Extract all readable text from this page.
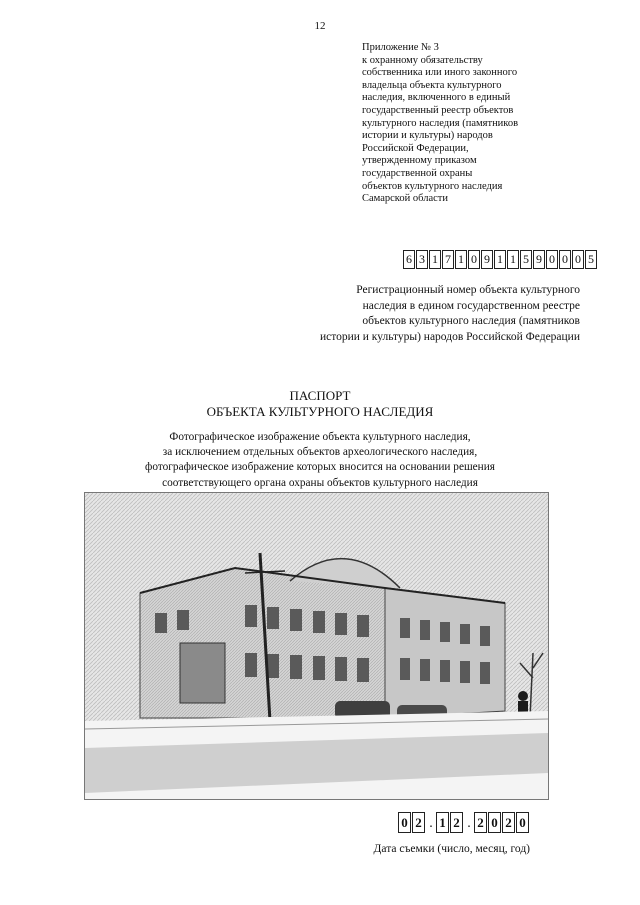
12
Приложение № 3
к охранному обязательству
собственника или иного законного
владельца объекта культурного
наследия, включенного в единый
государственный реестр объектов
культурного наследия (памятников
истории и культуры) народов
Российской Федерации,
утвержденному приказом
государственной охраны
объектов культурного наследия
Самарской области
6 3 1 7 1 0 9 1 1 5 9 0 0 0 5
Регистрационный номер объекта культурного
наследия в едином государственном реестре
объектов культурного наследия (памятников
истории и культуры) народов Российской Федерации
ПАСПОРТ
ОБЪЕКТА КУЛЬТУРНОГО НАСЛЕДИЯ
Фотографическое изображение объекта культурного наследия,
за исключением отдельных объектов археологического наследия,
фотографическое изображение которых вносится на основании решения
соответствующего органа охраны объектов культурного наследия
0 2 . 1 2 . 2 0 2 0
Дата съемки (число, месяц, год)
